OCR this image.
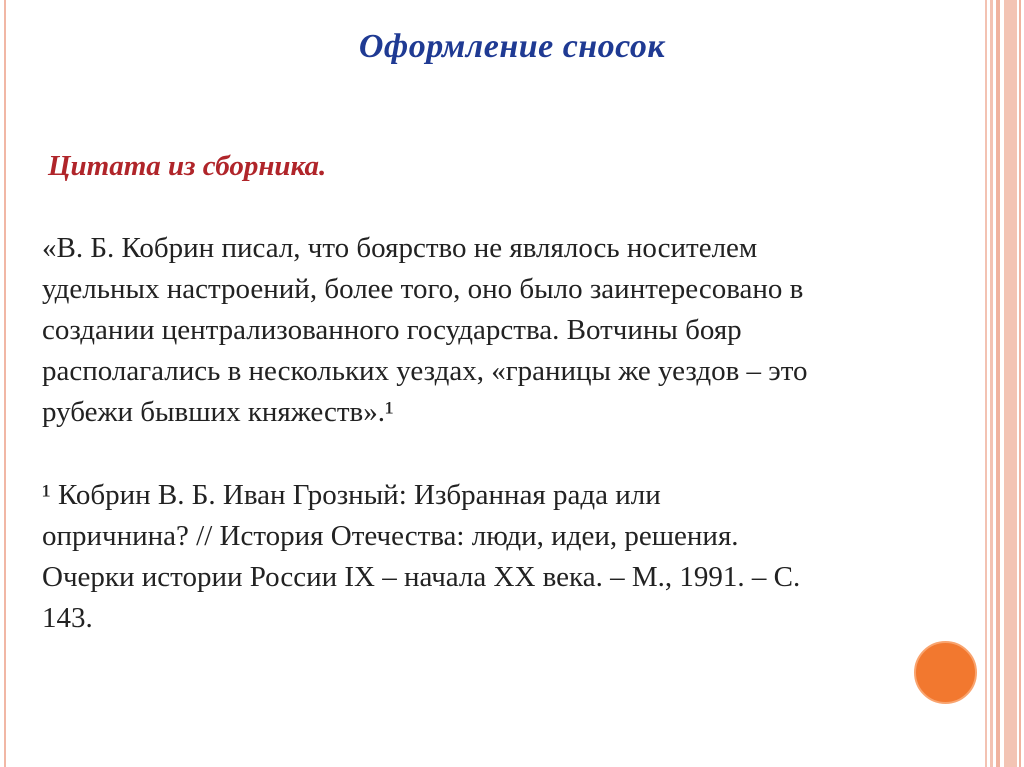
Оформление сносок

Цитата из сборника.

«В. Б. Кобрин писал, что боярство не являлось носителем
удельных настроений, более того, оно было заинтересовано в
создании централизованного государства. Вотчины бояр
располагались в нескольких уездах, «границы же уездов – это
рубежи бывших княжеств».¹
¹ Кобрин В. Б. Иван Грозный: Избранная рада или
опричнина? // История Отечества: люди, идеи, решения.
Очерки истории России IX – начала XX века. – М., 1991. – С.
143.
